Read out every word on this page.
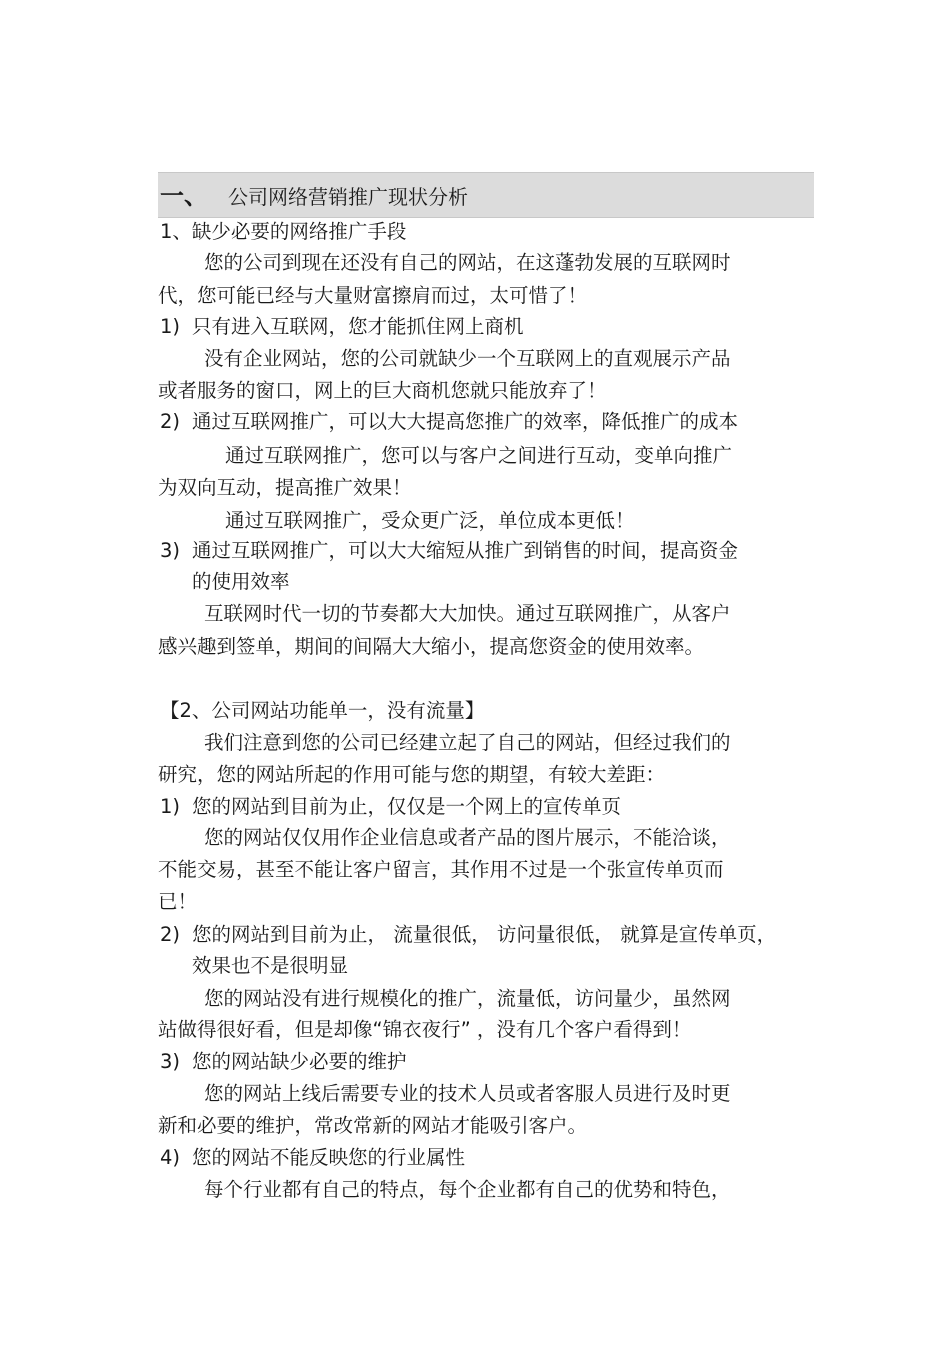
一、 公司网络营销推广现状分析
1、缺少必要的网络推广手段
您的公司到现在还没有自己的网站，在这蓬勃发展的互联网时
代，您可能已经与大量财富擦肩而过，太可惜了！
1) 只有进入互联网，您才能抓住网上商机
没有企业网站，您的公司就缺少一个互联网上的直观展示产品
或者服务的窗口，网上的巨大商机您就只能放弃了！
2) 通过互联网推广，可以大大提高您推广的效率，降低推广的成本
通过互联网推广，您可以与客户之间进行互动，变单向推广
为双向互动，提高推广效果！
通过互联网推广，受众更广泛，单位成本更低！
3) 通过互联网推广，可以大大缩短从推广到销售的时间，提高资金
的使用效率
互联网时代一切的节奏都大大加快。通过互联网推广，从客户
感兴趣到签单，期间的间隔大大缩小，提高您资金的使用效率。
【2、公司网站功能单一，没有流量】
我们注意到您的公司已经建立起了自己的网站，但经过我们的
研究，您的网站所起的作用可能与您的期望，有较大差距：
1) 您的网站到目前为止，仅仅是一个网上的宣传单页
您的网站仅仅用作企业信息或者产品的图片展示，不能洽谈，
不能交易，甚至不能让客户留言，其作用不过是一个张宣传单页而
已！
2) 您的网站到目前为止， 流量很低， 访问量很低， 就算是宣传单页，
效果也不是很明显
您的网站没有进行规模化的推广，流量低，访问量少，虽然网
站做得很好看，但是却像“锦衣夜行” ，没有几个客户看得到！
3) 您的网站缺少必要的维护
您的网站上线后需要专业的技术人员或者客服人员进行及时更
新和必要的维护，常改常新的网站才能吸引客户。
4) 您的网站不能反映您的行业属性
每个行业都有自己的特点，每个企业都有自己的优势和特色，
